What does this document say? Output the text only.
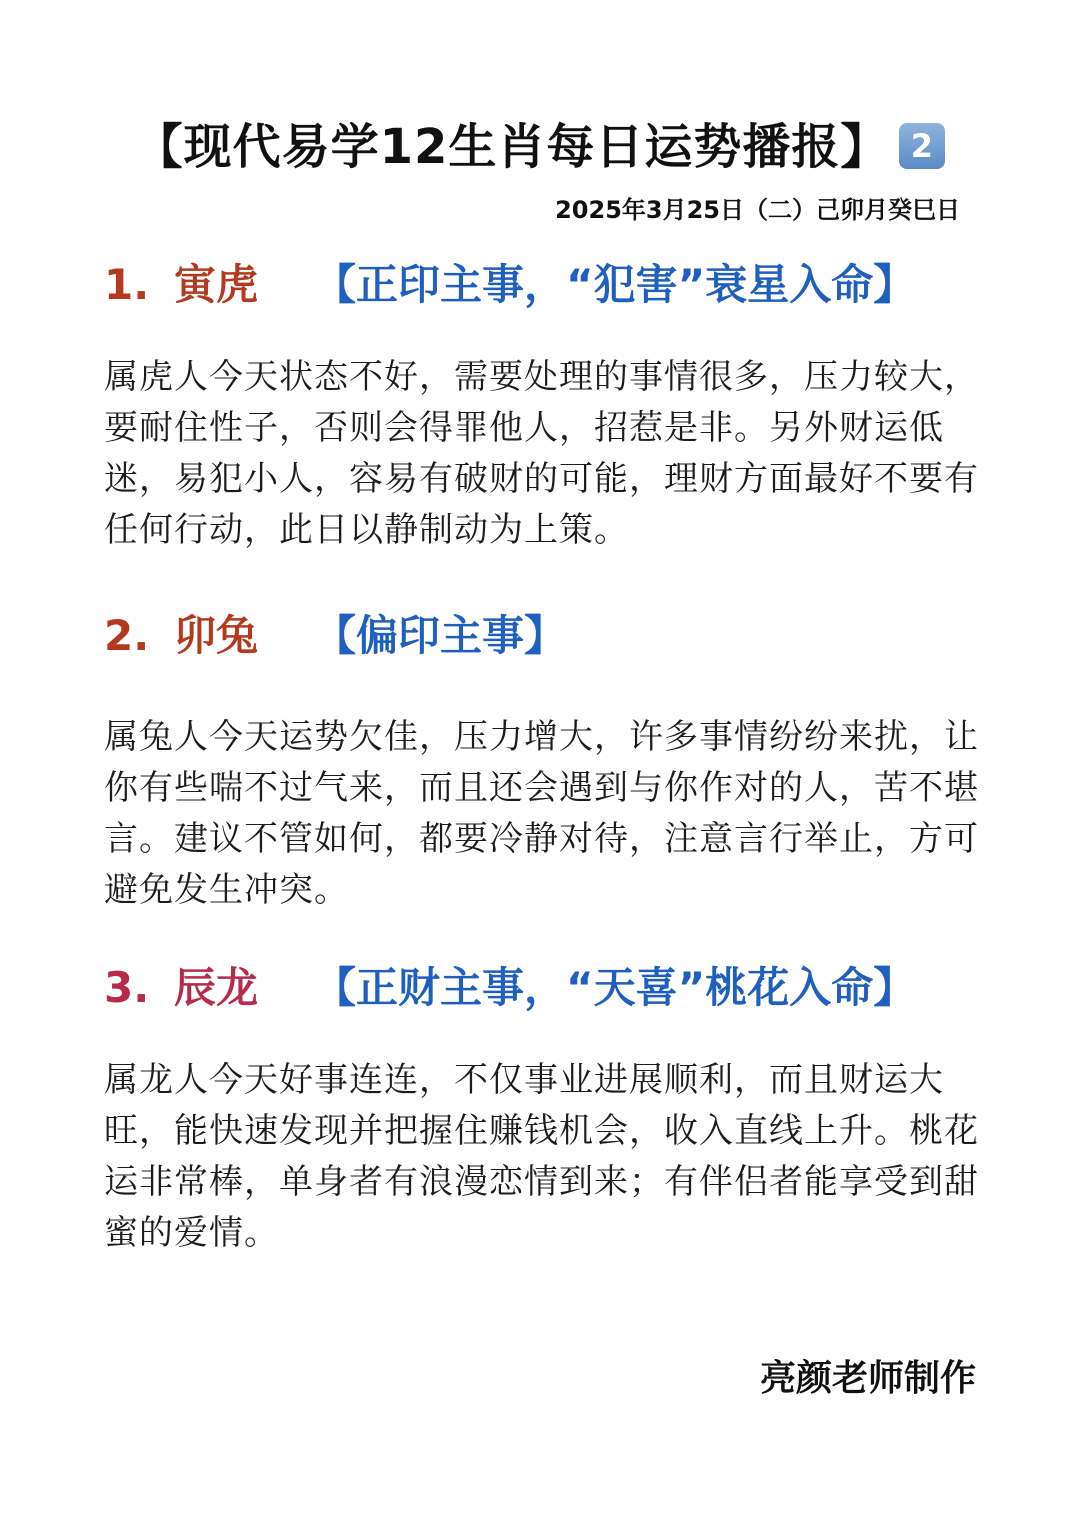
【现代易学12生肖每日运势播报】 2
2025年3月25日（二）己卯月癸巳日
1. 寅虎 【正印主事，“犯害”衰星入命】
属虎人今天状态不好，需要处理的事情很多，压力较大，要耐住性子，否则会得罪他人，招惹是非。另外财运低迷，易犯小人，容易有破财的可能，理财方面最好不要有任何行动，此日以静制动为上策。
2. 卯兔 【偏印主事】
属兔人今天运势欠佳，压力增大，许多事情纷纷来扰，让你有些喘不过气来，而且还会遇到与你作对的人，苦不堪言。建议不管如何，都要冷静对待，注意言行举止，方可避免发生冲突。
3. 辰龙 【正财主事，“天喜”桃花入命】
属龙人今天好事连连，不仅事业进展顺利，而且财运大旺，能快速发现并把握住赚钱机会，收入直线上升。桃花运非常棒，单身者有浪漫恋情到来；有伴侣者能享受到甜蜜的爱情。
亮颜老师制作
